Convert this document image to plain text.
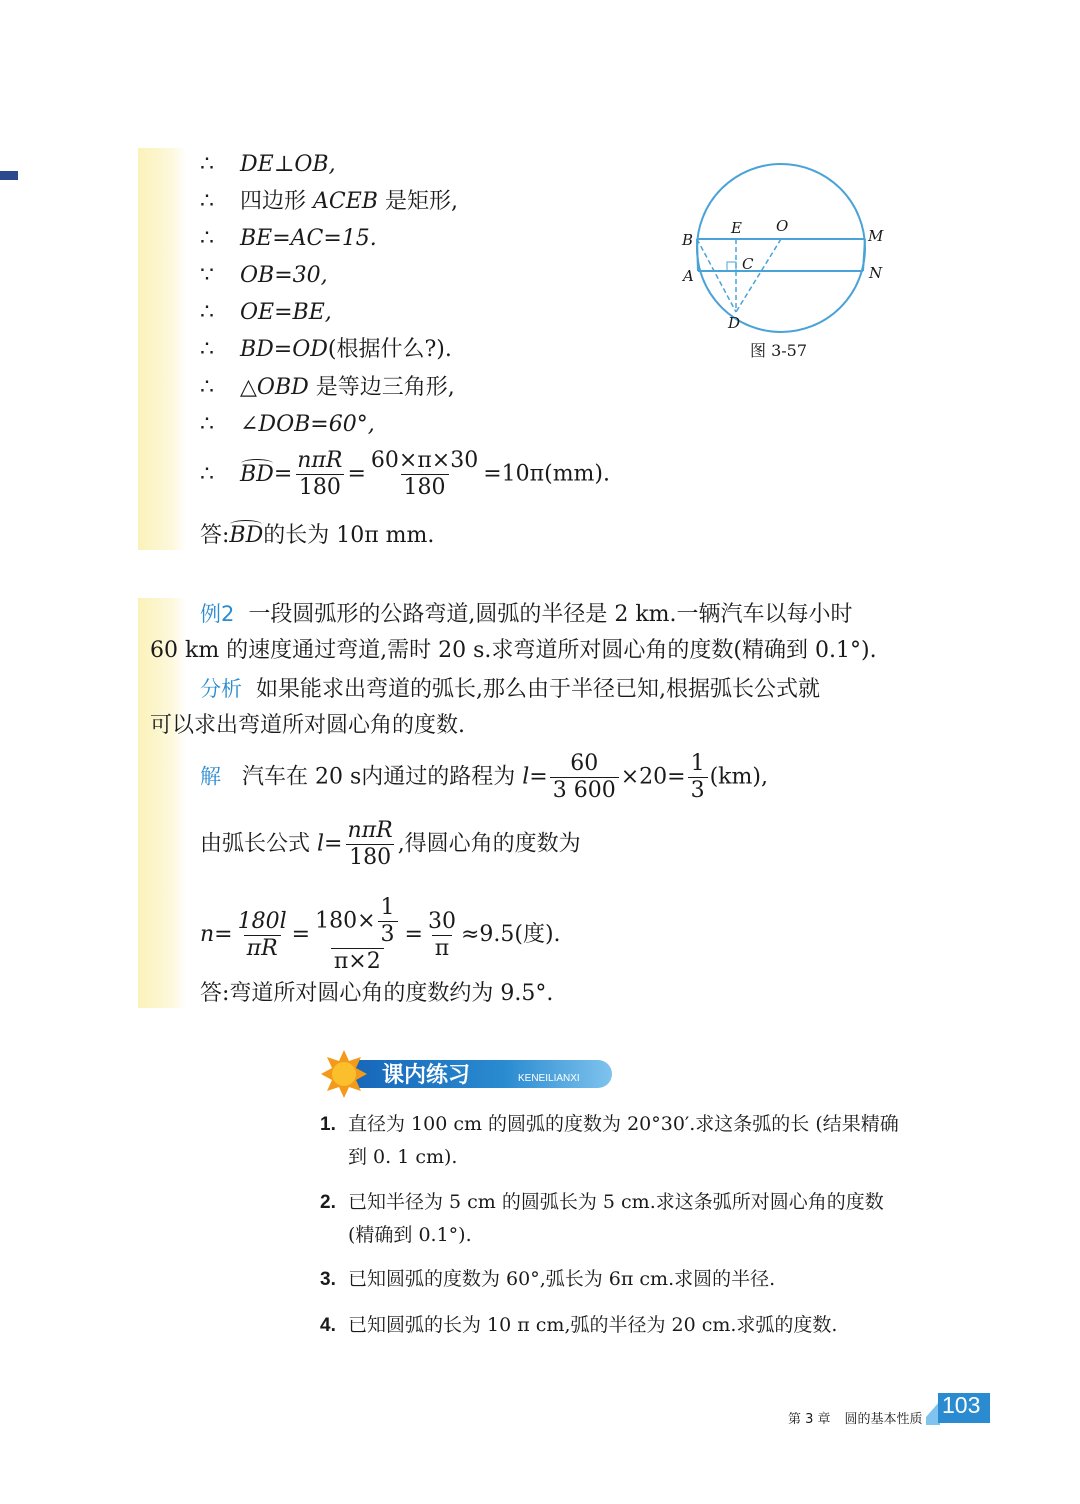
∴ DE⊥OB,
∴ 四边形 ACEB 是矩形,
∴ BE=AC=15.
∵ OB=30,
∴ OE=BE,
∴ BD=OD(根据什么?).
∴ △OBD 是等边三角形,
∴ ∠DOB=60°,
∴ $BD= \frac{\text{nπR}}{180} = \frac{60\times\pi\times 30}{180} =10\pi(mm)$.
答:BD的长为 10π mm.
B
E O
M
A
C	N
D
图 3-57
例2 一段圆弧形的公路弯道,圆弧的半径是 2 km.一辆汽车以每小时
60 km 的速度通过弯道,需时 20 s.求弯道所对圆心角的度数(精确到 0.1°).
分析 如果能求出弯道的弧长,那么由于半径已知,根据弧长公式就
可以求出弯道所对圆心角的度数.
解 汽车在 20 s内通过的路程为 $l= \frac{60}{3 600} \times 20= \frac{1}{3} (km)$,
由弧长公式 $l= \frac{\text{nπR}}{180}$ ,得圆心角的度数为
$n= \frac{180l}{\pi R} = \frac{180\times \frac{1}{3}}{\pi\times 2} = \frac{30}{\pi} \approx 9.5$(度).
答:弯道所对圆心角的度数约为 9.5°.
课内练习	KENEILIANXI
1. 直径为 100 cm 的圆弧的度数为 20°30′.求这条弧的长 (结果精确
到 0. 1 cm).
2. 已知半径为 5 cm 的圆弧长为 5 cm.求这条弧所对圆心角的度数
(精确到 0.1°).
3. 已知圆弧的度数为 60°,弧长为 6π cm.求圆的半径.
4. 已知圆弧的长为 10 π cm,弧的半径为 20 cm.求弧的度数.
第 3 章 圆的基本性质
103
